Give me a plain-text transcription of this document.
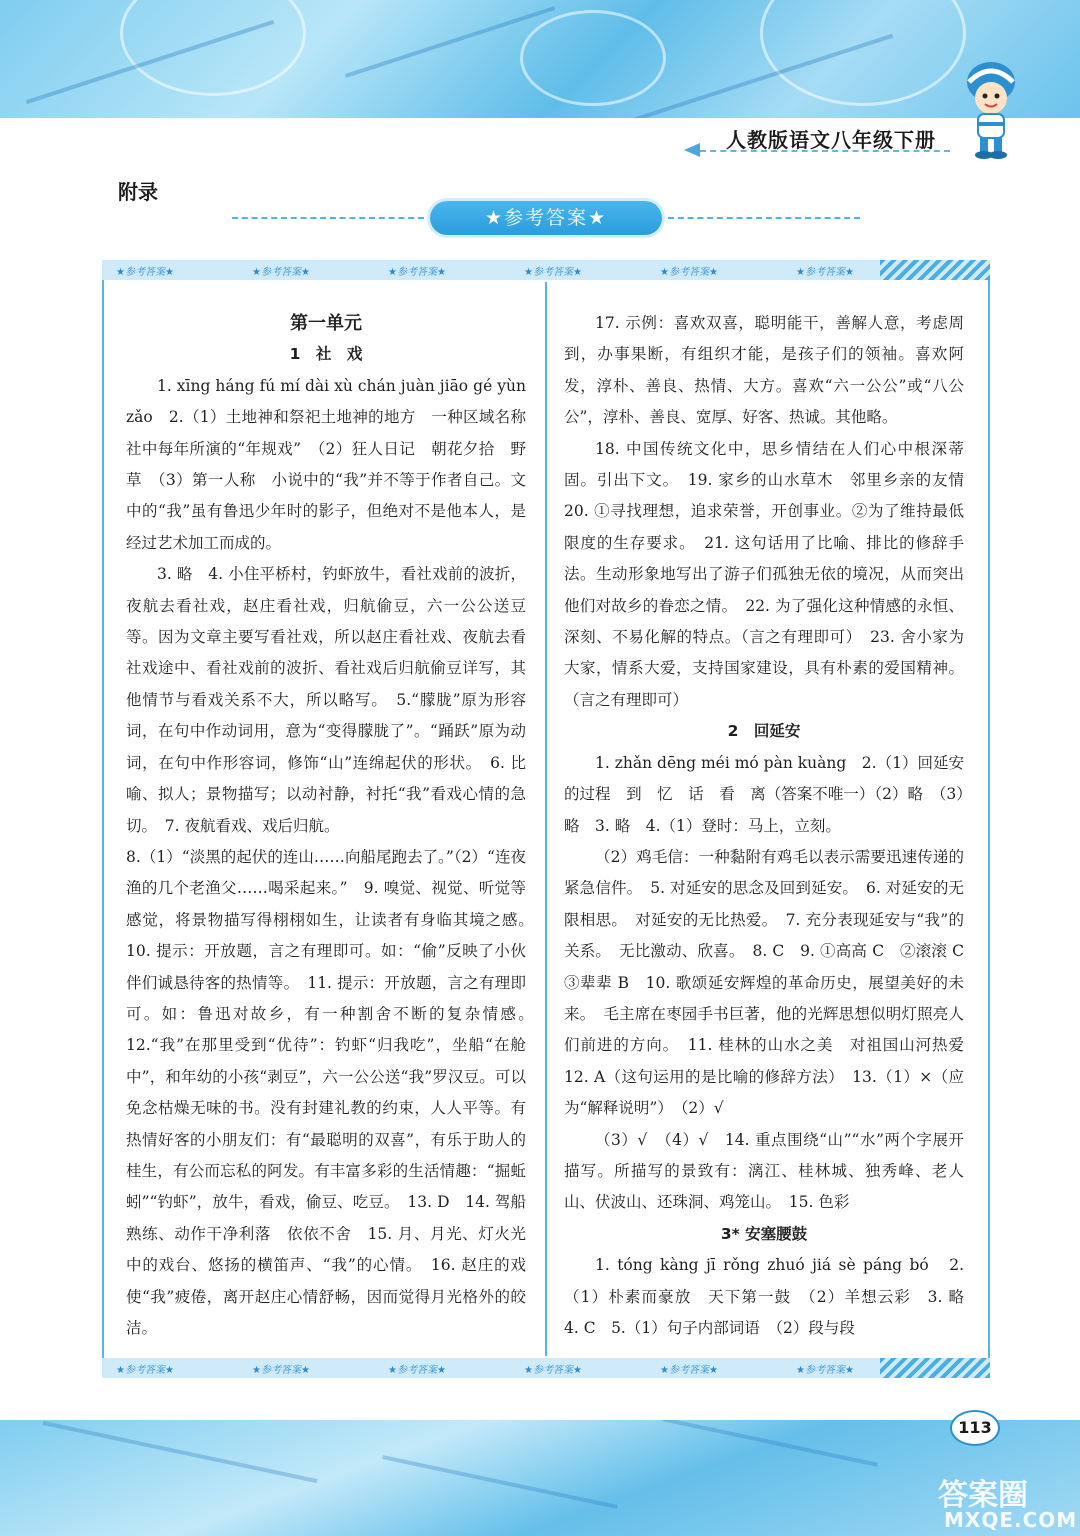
人教版语文八年级下册
附录
★参考答案★
★参考答案★	★参考答案★	★参考答案★	★参考答案★	★参考答案★	★参考答案★
★参考答案★	★参考答案★	★参考答案★	★参考答案★	★参考答案★	★参考答案★

第一单元

1　社　戏

1. xīng háng fú mí dài xù chán juàn jiāo gé yùn zǎo　2.（1）土地神和祭祀土地神的地方　一种区域名称　社中每年所演的“年规戏”　（2）狂人日记　朝花夕拾　野草　（3）第一人称　小说中的“我”并不等于作者自己。文中的“我”虽有鲁迅少年时的影子，但绝对不是他本人，是经过艺术加工而成的。

3. 略　4. 小住平桥村，钓虾放牛，看社戏前的波折，夜航去看社戏，赵庄看社戏，归航偷豆，六一公公送豆等。因为文章主要写看社戏，所以赵庄看社戏、夜航去看社戏途中、看社戏前的波折、看社戏后归航偷豆详写，其他情节与看戏关系不大，所以略写。　5.“朦胧”原为形容词，在句中作动词用，意为“变得朦胧了”。“踊跃”原为动词，在句中作形容词，修饰“山”连绵起伏的形状。　6. 比喻、拟人；景物描写；以动衬静，衬托“我”看戏心情的急切。　7. 夜航看戏、戏后归航。

8.（1）“淡黑的起伏的连山……向船尾跑去了。”（2）“连夜渔的几个老渔父……喝采起来。”　9. 嗅觉、视觉、听觉等感觉，将景物描写得栩栩如生，让读者有身临其境之感。　10. 提示：开放题，言之有理即可。如：“偷”反映了小伙伴们诚恳待客的热情等。　11. 提示：开放题，言之有理即可。如：鲁迅对故乡，有一种割舍不断的复杂情感。　12.“我”在那里受到“优待”：钓虾“归我吃”，坐船“在舱中”，和年幼的小孩“剥豆”，六一公公送“我”罗汉豆。可以免念枯燥无味的书。没有封建礼教的约束，人人平等。有热情好客的小朋友们：有“最聪明的双喜”，有乐于助人的桂生，有公而忘私的阿发。有丰富多彩的生活情趣：“掘蚯蚓”“钓虾”，放牛，看戏，偷豆、吃豆。　13. D　14. 驾船熟练、动作干净利落　依依不舍　15. 月、月光、灯火光中的戏台、悠扬的横笛声、“我”的心情。　16. 赵庄的戏使“我”疲倦，离开赵庄心情舒畅，因而觉得月光格外的皎洁。

17. 示例：喜欢双喜，聪明能干，善解人意，考虑周到，办事果断，有组织才能，是孩子们的领袖。喜欢阿发，淳朴、善良、热情、大方。喜欢“六一公公”或“八公公”，淳朴、善良、宽厚、好客、热诚。其他略。

18. 中国传统文化中，思乡情结在人们心中根深蒂固。引出下文。　19. 家乡的山水草木　邻里乡亲的友情　20. ①寻找理想，追求荣誉，开创事业。②为了维持最低限度的生存要求。　21. 这句话用了比喻、排比的修辞手法。生动形象地写出了游子们孤独无依的境况，从而突出他们对故乡的眷恋之情。　22. 为了强化这种情感的永恒、深刻、不易化解的特点。（言之有理即可）　23. 舍小家为大家，情系大爱，支持国家建设，具有朴素的爱国精神。（言之有理即可）

2　回延安

1. zhǎn dēng méi mó pàn kuàng　2.（1）回延安的过程　到　忆　话　看　离（答案不唯一）（2）略　（3）略　3. 略　4.（1）登时：马上，立刻。

（2）鸡毛信：一种黏附有鸡毛以表示需要迅速传递的紧急信件。　5. 对延安的思念及回到延安。　6. 对延安的无限相思。　对延安的无比热爱。　7. 充分表现延安与“我”的关系。　无比激动、欣喜。　8. C　9. ①高高 C　②滚滚 C　③辈辈 B　10. 歌颂延安辉煌的革命历史，展望美好的未来。　毛主席在枣园手书巨著，他的光辉思想似明灯照亮人们前进的方向。　11. 桂林的山水之美　对祖国山河热爱　12. A（这句运用的是比喻的修辞方法）　13.（1）×（应为“解释说明”）　（2）√

（3）√　（4）√　14. 重点围绕“山”“水”两个字展开描写。所描写的景致有：漓江、桂林城、独秀峰、老人山、伏波山、还珠洞、鸡笼山。　15. 色彩

3* 安塞腰鼓

1. tóng kàng jī rǒng zhuó jiá sè páng bó　2.（1）朴素而豪放　天下第一鼓　（2）羊想云彩　3. 略　4. C　5.（1）句子内部词语　（2）段与段

113
答案圈
MXQE.COM
